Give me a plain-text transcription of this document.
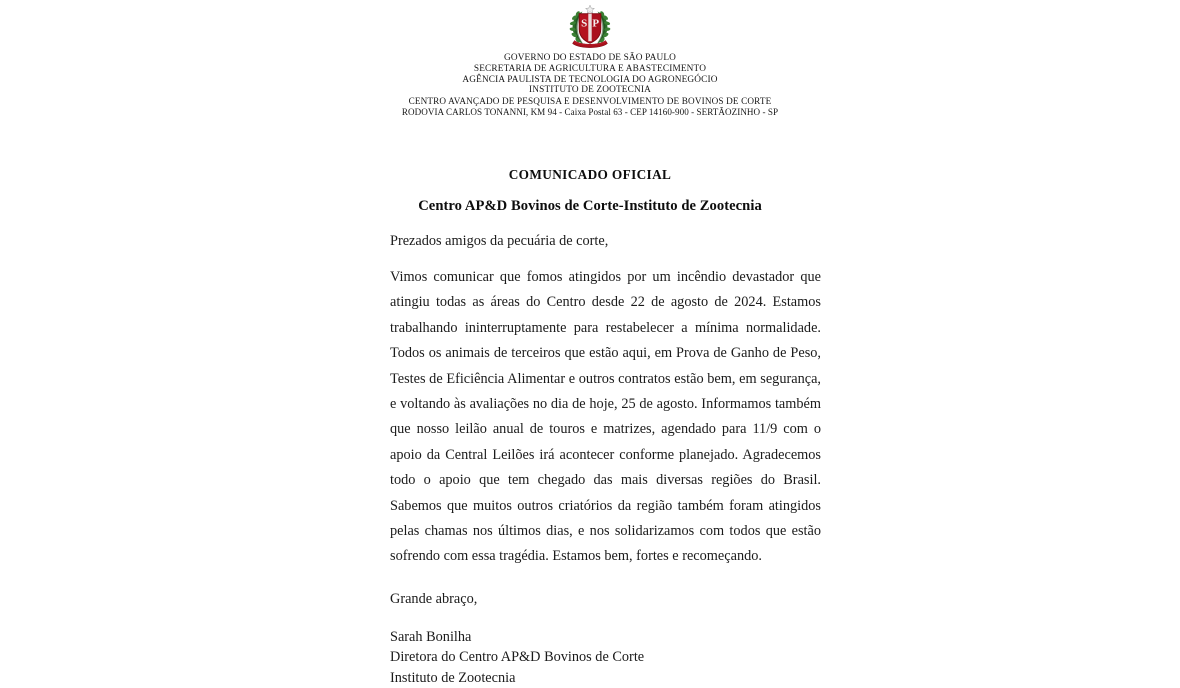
S P
GOVERNO DO ESTADO DE SÃO PAULO
SECRETARIA DE AGRICULTURA E ABASTECIMENTO
AGÊNCIA PAULISTA DE TECNOLOGIA DO AGRONEGÓCIO
INSTITUTO DE ZOOTECNIA
CENTRO AVANÇADO DE PESQUISA E DESENVOLVIMENTO DE BOVINOS DE CORTE
RODOVIA CARLOS TONANNI, KM 94 - Caixa Postal 63 - CEP 14160-900 - SERTÃOZINHO - SP
COMUNICADO OFICIAL
Centro AP&D Bovinos de Corte-Instituto de Zootecnia
Prezados amigos da pecuária de corte,
Vimos comunicar que fomos atingidos por um incêndio devastador que atingiu todas as áreas do Centro desde 22 de agosto de 2024. Estamos trabalhando ininterruptamente para restabelecer a mínima normalidade. Todos os animais de terceiros que estão aqui, em Prova de Ganho de Peso, Testes de Eficiência Alimentar e outros contratos estão bem, em segurança, e voltando às avaliações no dia de hoje, 25 de agosto. Informamos também que nosso leilão anual de touros e matrizes, agendado para 11/9 com o apoio da Central Leilões irá acontecer conforme planejado. Agradecemos todo o apoio que tem chegado das mais diversas regiões do Brasil. Sabemos que muitos outros criatórios da região também foram atingidos pelas chamas nos últimos dias, e nos solidarizamos com todos que estão sofrendo com essa tragédia. Estamos bem, fortes e recomeçando.
Grande abraço,
Sarah Bonilha
Diretora do Centro AP&D Bovinos de Corte
Instituto de Zootecnia
